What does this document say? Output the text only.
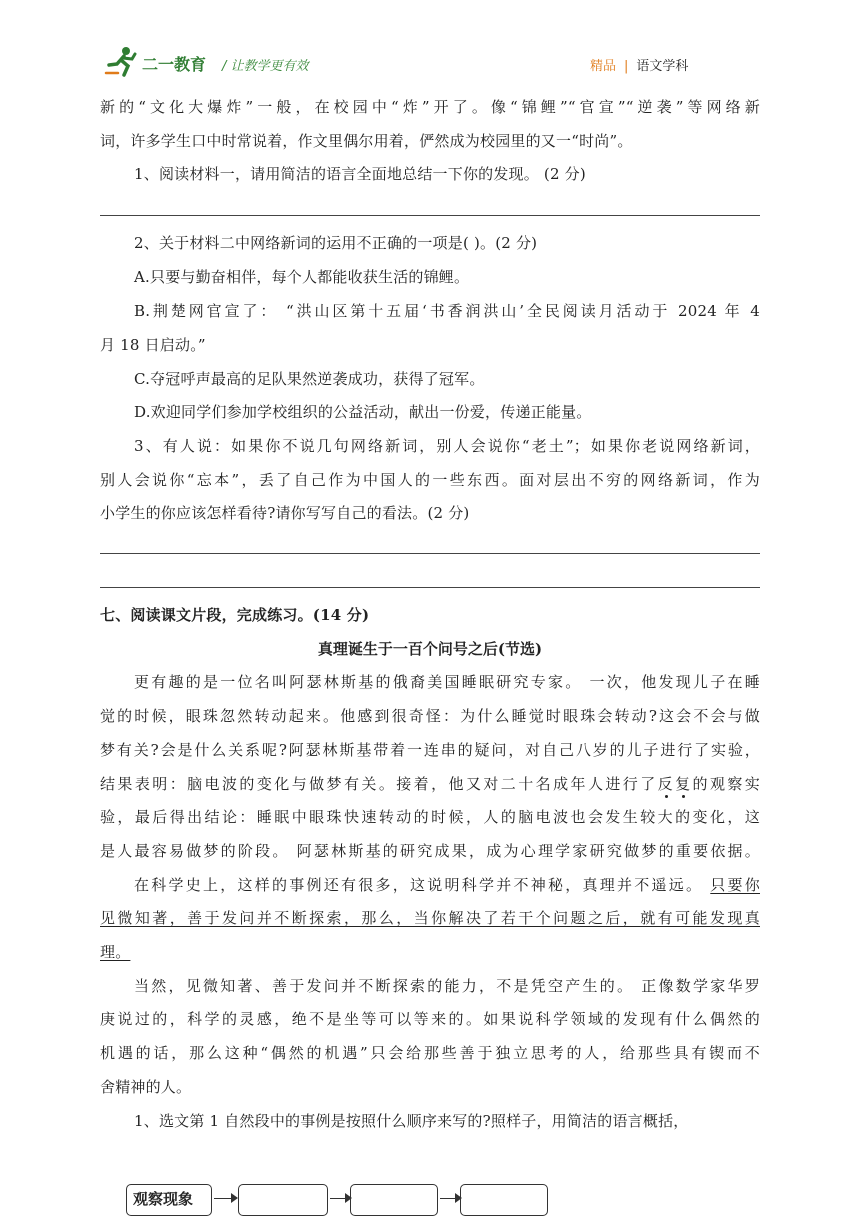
二一教育 / 让教学更有效	精品 | 语文学科
新的“文化大爆炸”一般，在校园中“炸”开了。像“锦鲤”“官宣”“逆袭”等网络新
词，许多学生口中时常说着，作文里偶尔用着，俨然成为校园里的又一“时尚”。
1、阅读材料一，请用简洁的语言全面地总结一下你的发现。 (2 分)
2、关于材料二中网络新词的运用不正确的一项是( )。(2 分)
A.只要与勤奋相伴，每个人都能收获生活的锦鲤。
B.荆楚网官宣了： “洪山区第十五届‘书香润洪山’全民阅读月活动于 2024 年 4
月 18 日启动。”
C.夺冠呼声最高的足队果然逆袭成功，获得了冠军。
D.欢迎同学们参加学校组织的公益活动，献出一份爱，传递正能量。
3、有人说：如果你不说几句网络新词，别人会说你“老土”；如果你老说网络新词，
别人会说你“忘本”，丢了自己作为中国人的一些东西。面对层出不穷的网络新词，作为
小学生的你应该怎样看待?请你写写自己的看法。(2 分)
七、阅读课文片段，完成练习。(14 分)
真理诞生于一百个问号之后(节选)
更有趣的是一位名叫阿瑟林斯基的俄裔美国睡眠研究专家。 一次，他发现儿子在睡
觉的时候，眼珠忽然转动起来。他感到很奇怪：为什么睡觉时眼珠会转动?这会不会与做
梦有关?会是什么关系呢?阿瑟林斯基带着一连串的疑问，对自己八岁的儿子进行了实验，
结果表明：脑电波的变化与做梦有关。接着，他又对二十名成年人进行了反复的观察实
验，最后得出结论：睡眠中眼珠快速转动的时候，人的脑电波也会发生较大的变化，这
是人最容易做梦的阶段。 阿瑟林斯基的研究成果，成为心理学家研究做梦的重要依据。
在科学史上，这样的事例还有很多，这说明科学并不神秘，真理并不遥远。 只要你
见微知著，善于发问并不断探索，那么，当你解决了若干个问题之后，就有可能发现真
理。
当然，见微知著、善于发问并不断探索的能力，不是凭空产生的。 正像数学家华罗
庚说过的，科学的灵感，绝不是坐等可以等来的。如果说科学领域的发现有什么偶然的
机遇的话，那么这种“偶然的机遇”只会给那些善于独立思考的人，给那些具有锲而不
舍精神的人。
1、选文第 1 自然段中的事例是按照什么顺序来写的?照样子，用简洁的语言概括，
观察现象
